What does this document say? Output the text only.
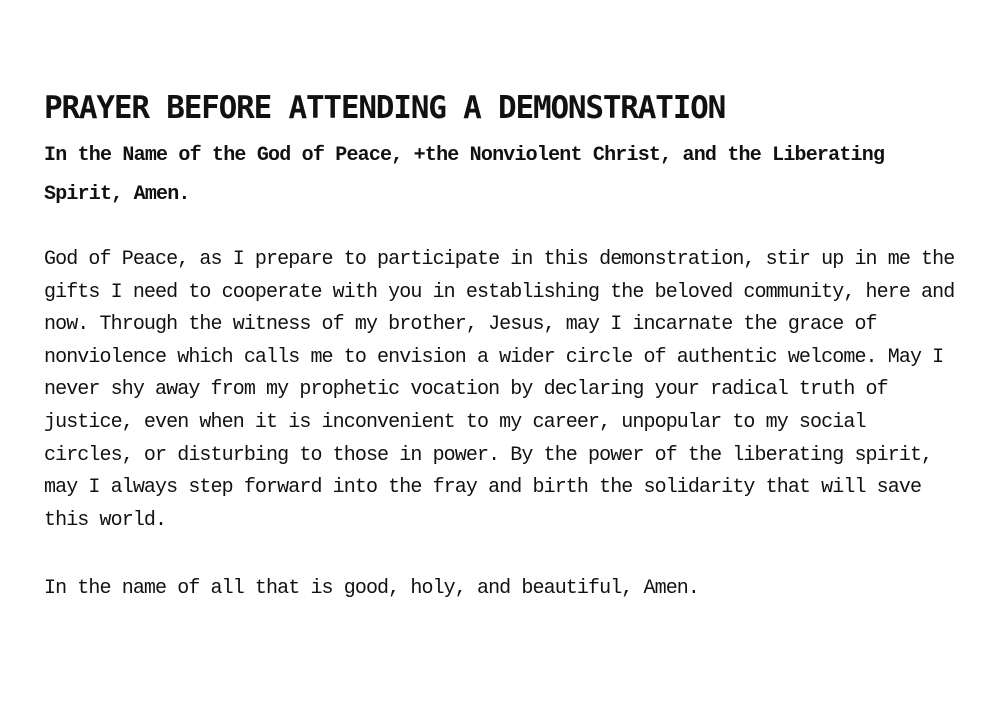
PRAYER BEFORE ATTENDING A DEMONSTRATION

In the Name of the God of Peace, +the Nonviolent Christ, and the Liberating Spirit, Amen.

God of Peace, as I prepare to participate in this demonstration, stir up in me the gifts I need to cooperate with you in establishing the beloved community, here and now. Through the witness of my brother, Jesus, may I incarnate the grace of nonviolence which calls me to envision a wider circle of authentic welcome. May I never shy away from my prophetic vocation by declaring your radical truth of justice, even when it is inconvenient to my career, unpopular to my social circles, or disturbing to those in power. By the power of the liberating spirit, may I always step forward into the fray and birth the solidarity that will save this world.

In the name of all that is good, holy, and beautiful, Amen.
